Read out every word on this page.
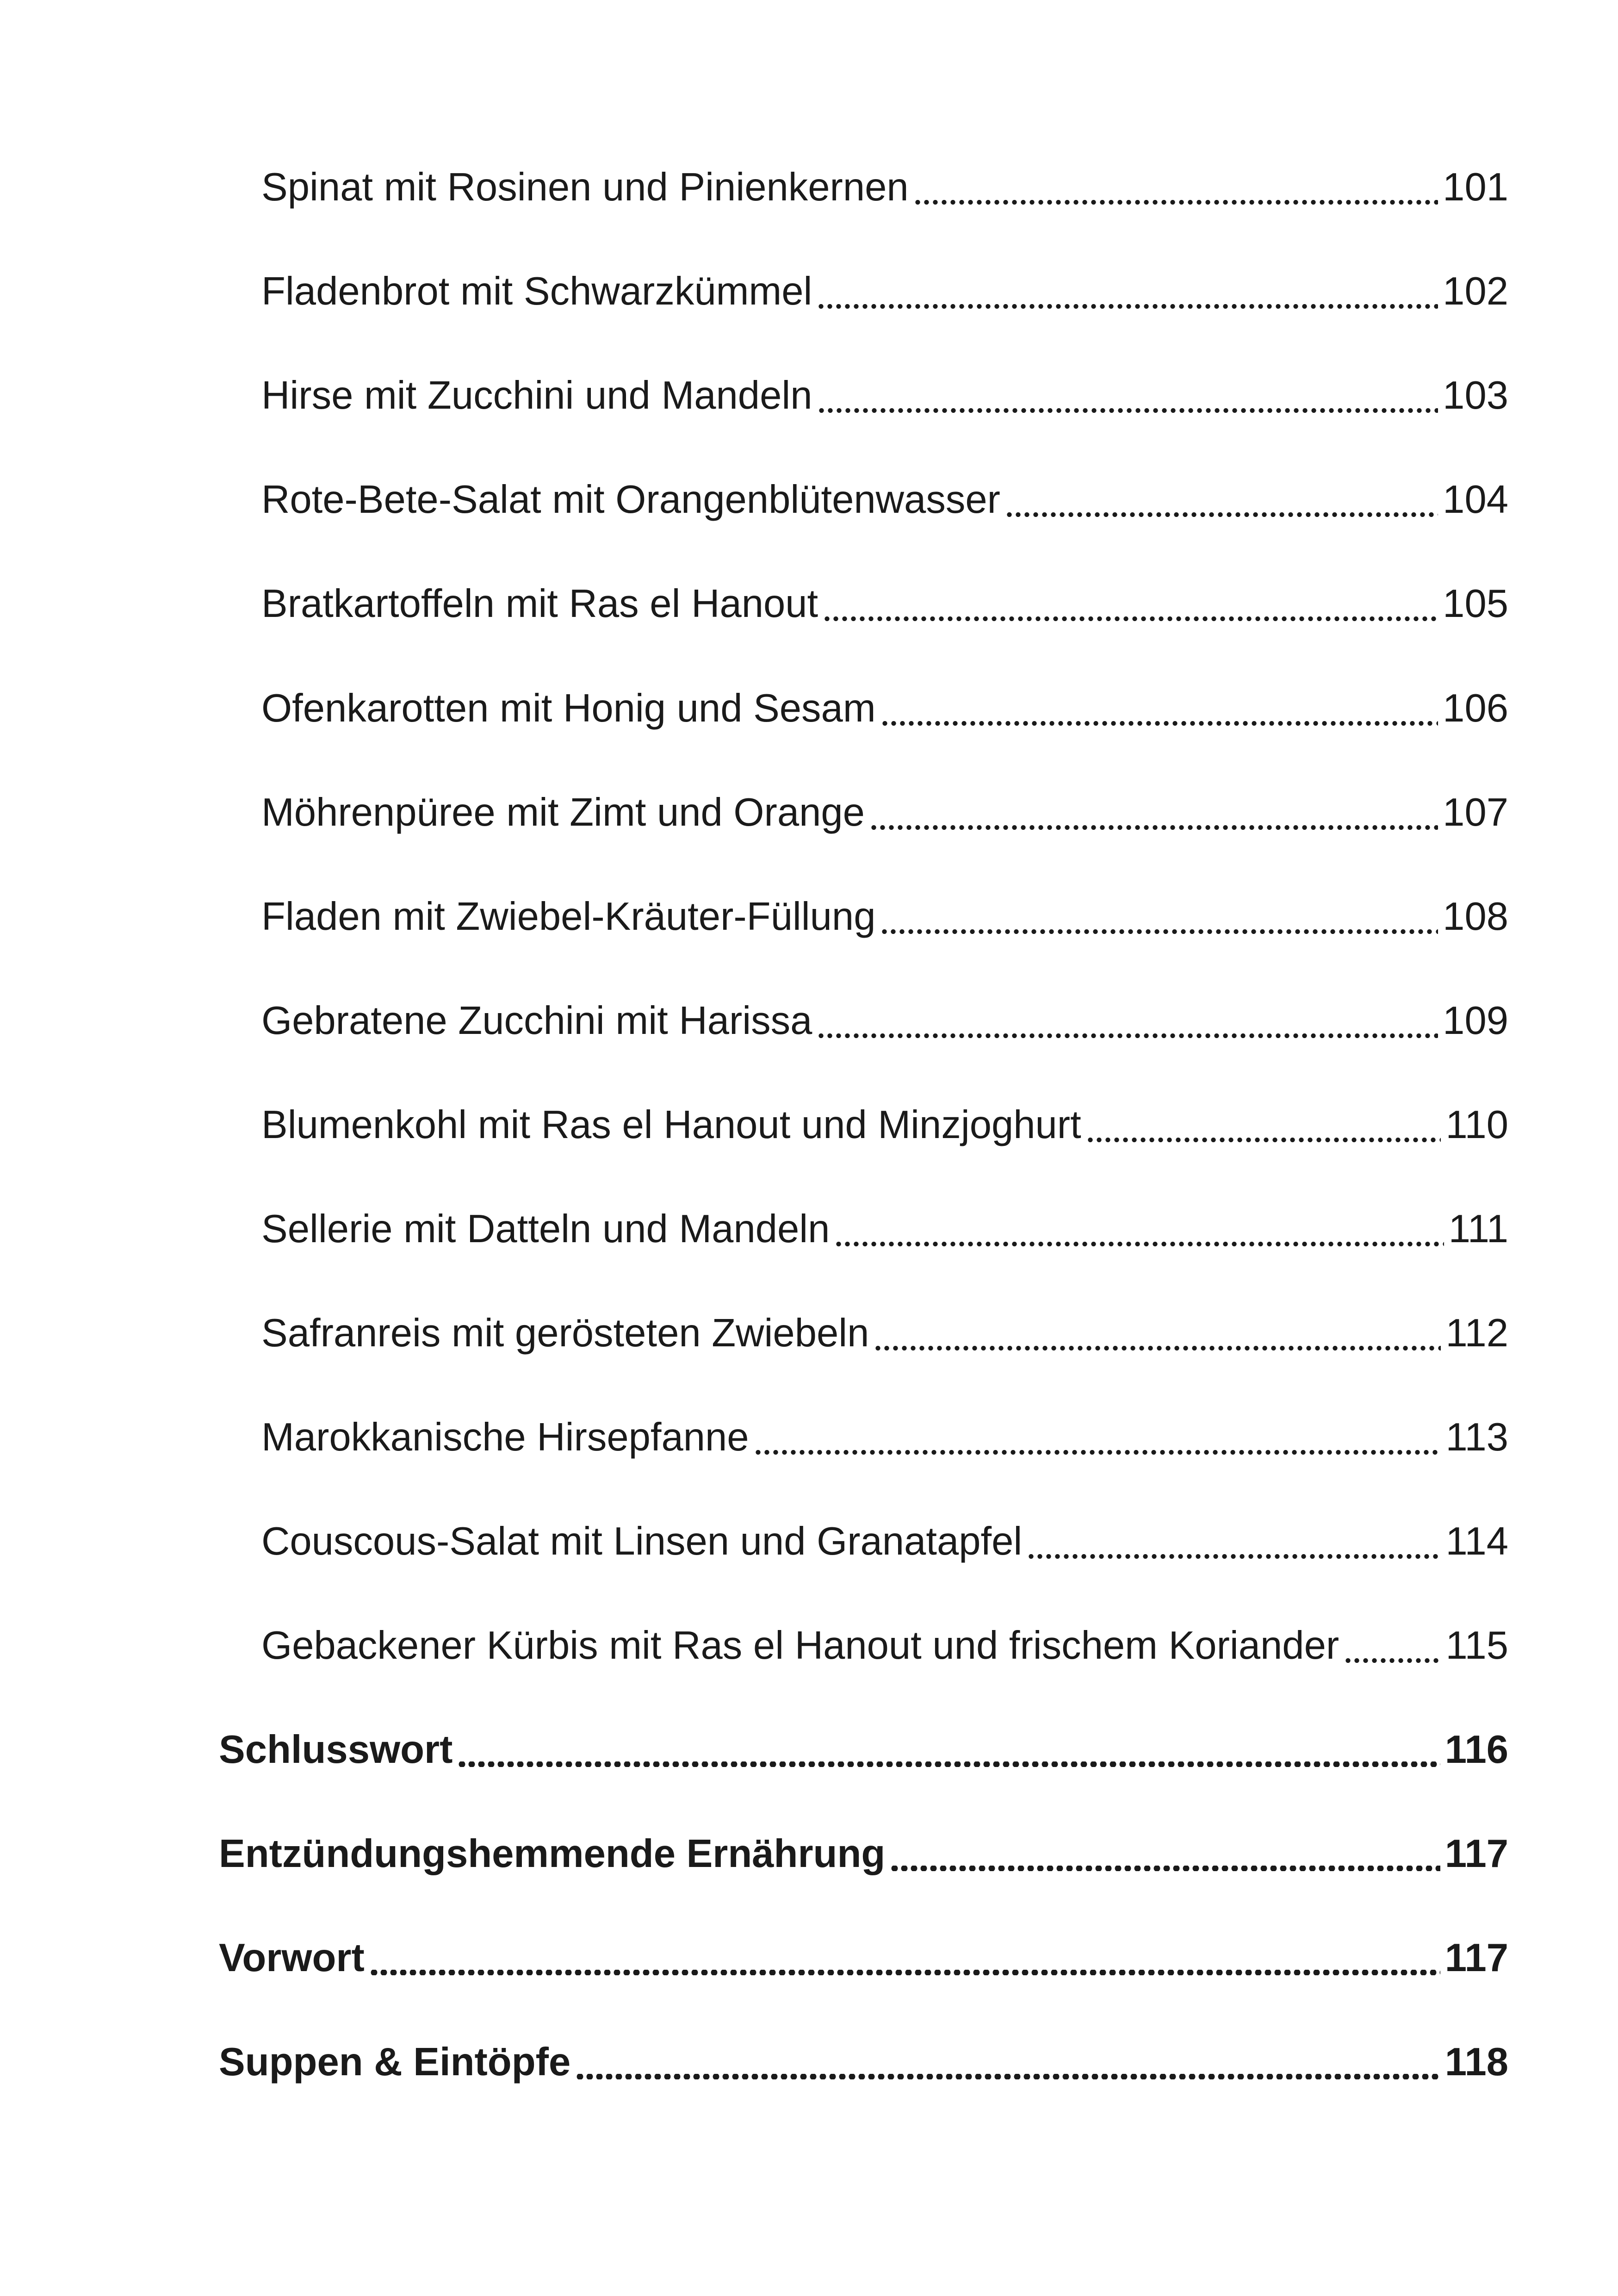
Spinat mit Rosinen und Pinienkernen	101
Fladenbrot mit Schwarzkümmel	102
Hirse mit Zucchini und Mandeln	103
Rote-Bete-Salat mit Orangenblütenwasser	104
Bratkartoffeln mit Ras el Hanout	105
Ofenkarotten mit Honig und Sesam	106
Möhrenpüree mit Zimt und Orange	107
Fladen mit Zwiebel-Kräuter-Füllung	108
Gebratene Zucchini mit Harissa	109
Blumenkohl mit Ras el Hanout und Minzjoghurt	110
Sellerie mit Datteln und Mandeln	111
Safranreis mit gerösteten Zwiebeln	112
Marokkanische Hirsepfanne	113
Couscous-Salat mit Linsen und Granatapfel	114
Gebackener Kürbis mit Ras el Hanout und frischem Koriander	115
Schlusswort	116
Entzündungshemmende Ernährung	117
Vorwort	117
Suppen & Eintöpfe	118
